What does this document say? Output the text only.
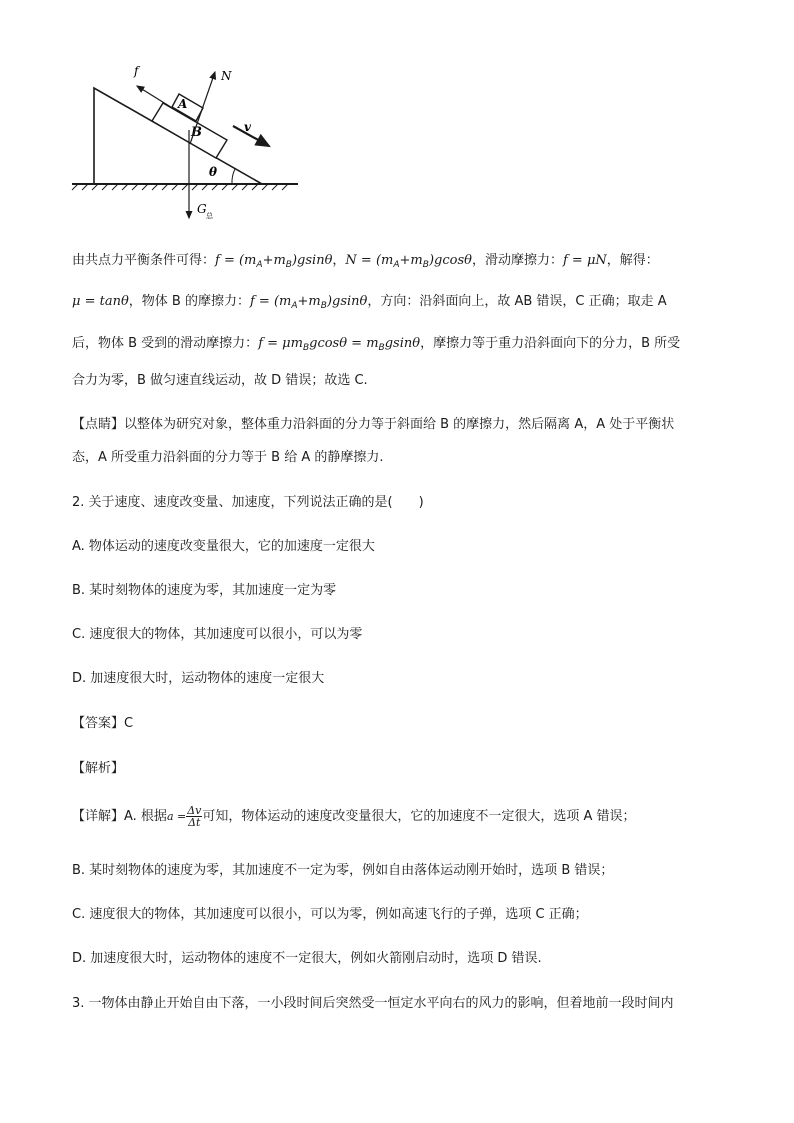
θ
B
A
f	N
G 总
v
由共点力平衡条件可得：$f = (m_A+m_B)gsin\theta$，$N = (m_A+m_B)gcos\theta$，滑动摩擦力：f = μN，解得：
μ = tanθ，物体 B 的摩擦力：$f = (m_A+m_B)gsin\theta$，方向：沿斜面向上，故 AB 错误，C 正确；取走 A
后，物体 B 受到的滑动摩擦力：$f = \mu m_Bgcos\theta = m_Bgsin\theta$，摩擦力等于重力沿斜面向下的分力，B 所受
合力为零，B 做匀速直线运动，故 D 错误；故选 C.
【点睛】以整体为研究对象，整体重力沿斜面的分力等于斜面给 B 的摩擦力，然后隔离 A，A 处于平衡状
态，A 所受重力沿斜面的分力等于 B 给 A 的静摩擦力.
2. 关于速度、速度改变量、加速度，下列说法正确的是(　　)
A. 物体运动的速度改变量很大，它的加速度一定很大
B. 某时刻物体的速度为零，其加速度一定为零
C. 速度很大的物体，其加速度可以很小，可以为零
D. 加速度很大时，运动物体的速度一定很大
【答案】C
【解析】
【详解】A. 根据$a = \frac{\Delta v}{\Delta t}$ 可知，物体运动的速度改变量很大，它的加速度不一定很大，选项 A 错误；
B. 某时刻物体的速度为零，其加速度不一定为零，例如自由落体运动刚开始时，选项 B 错误；
C. 速度很大的物体，其加速度可以很小，可以为零，例如高速飞行的子弹，选项 C 正确；
D. 加速度很大时，运动物体的速度不一定很大，例如火箭刚启动时，选项 D 错误.
3. 一物体由静止开始自由下落，一小段时间后突然受一恒定水平向右的风力的影响，但着地前一段时间内
